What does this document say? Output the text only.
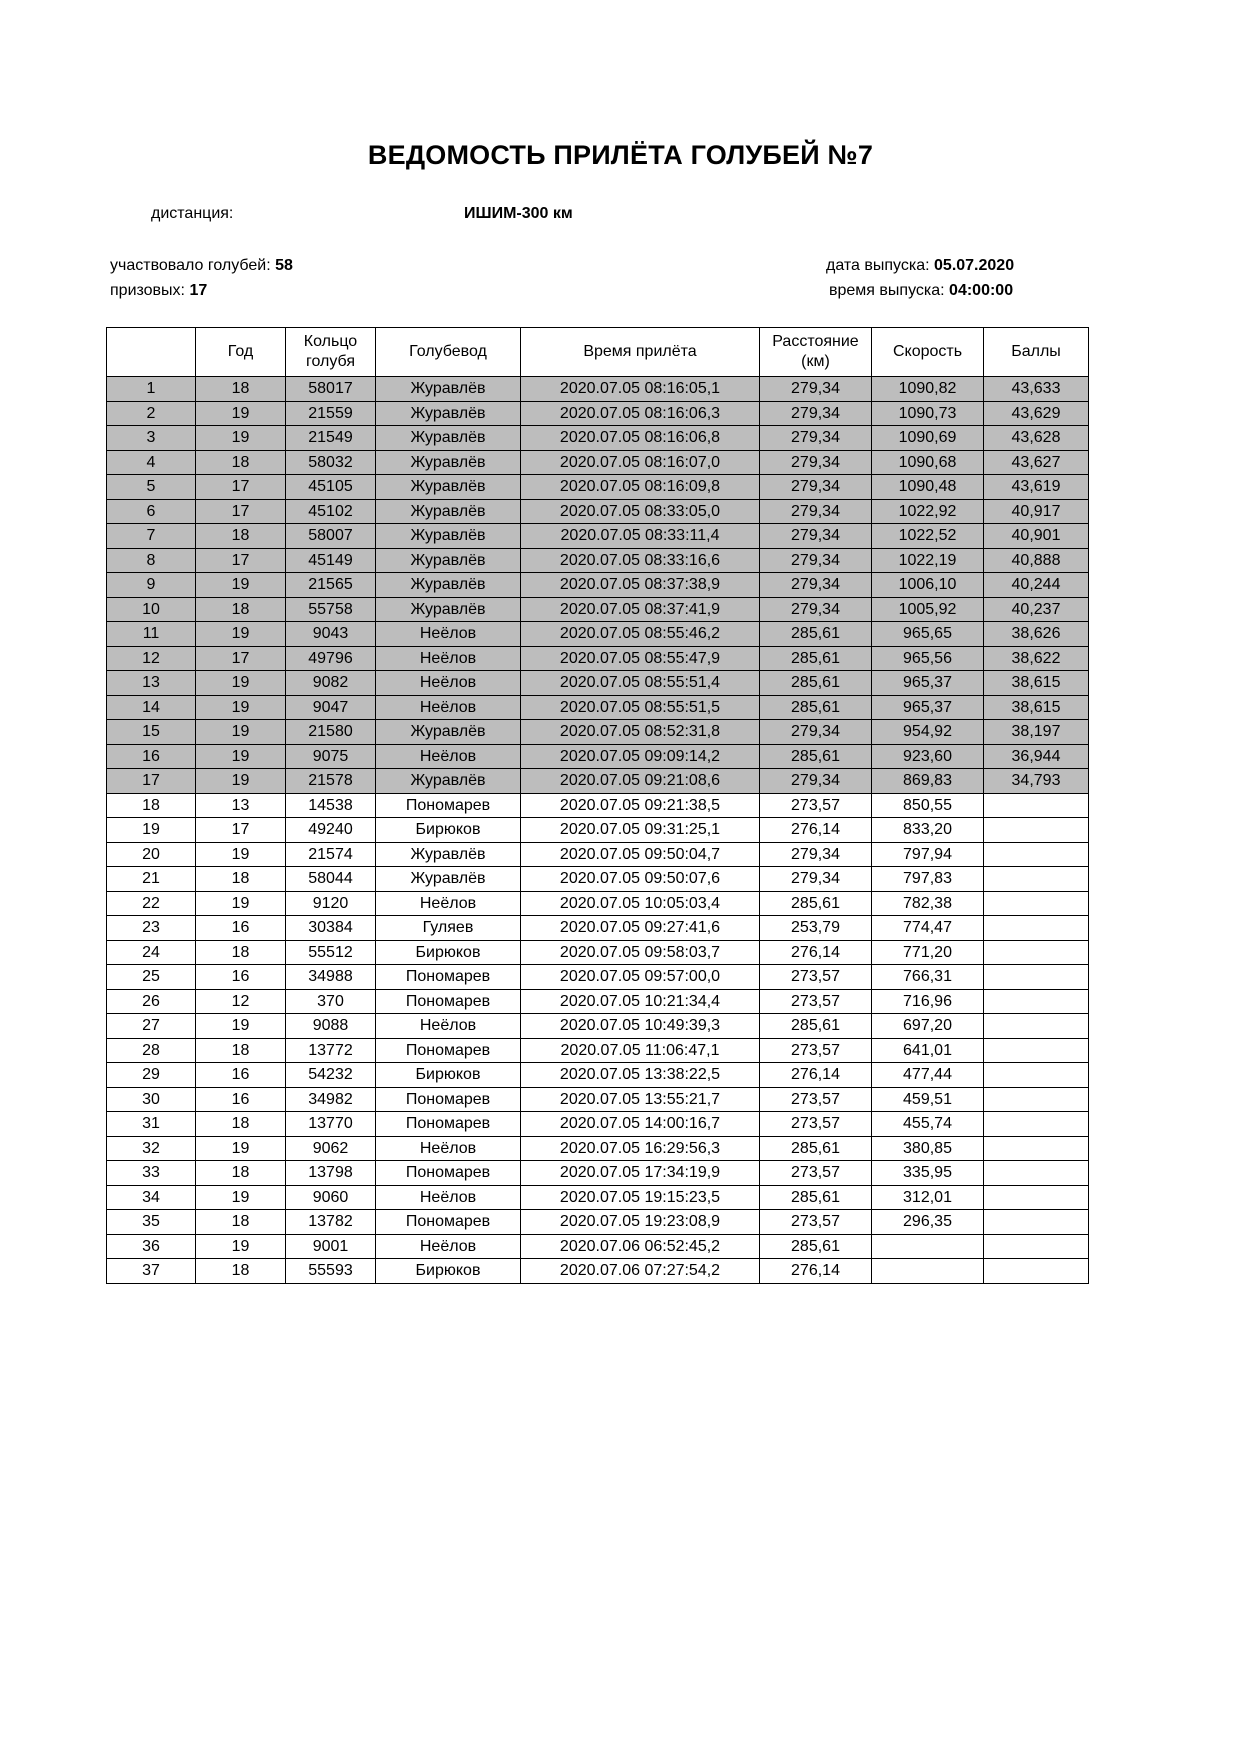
ВЕДОМОСТЬ ПРИЛЁТА ГОЛУБЕЙ №7
дистанция:	ИШИМ-300 км
участвовало голубей: 58
призовых: 17
дата выпуска: 05.07.2020
время выпуска: 04:00:00
	Год	Кольцо голубя	Голубевод	Время прилёта	Расстояние (км)	Скорость	Баллы
1	18	58017	Журавлёв	2020.07.05 08:16:05,1	279,34	1090,82	43,633
2	19	21559	Журавлёв	2020.07.05 08:16:06,3	279,34	1090,73	43,629
3	19	21549	Журавлёв	2020.07.05 08:16:06,8	279,34	1090,69	43,628
4	18	58032	Журавлёв	2020.07.05 08:16:07,0	279,34	1090,68	43,627
5	17	45105	Журавлёв	2020.07.05 08:16:09,8	279,34	1090,48	43,619
6	17	45102	Журавлёв	2020.07.05 08:33:05,0	279,34	1022,92	40,917
7	18	58007	Журавлёв	2020.07.05 08:33:11,4	279,34	1022,52	40,901
8	17	45149	Журавлёв	2020.07.05 08:33:16,6	279,34	1022,19	40,888
9	19	21565	Журавлёв	2020.07.05 08:37:38,9	279,34	1006,10	40,244
10	18	55758	Журавлёв	2020.07.05 08:37:41,9	279,34	1005,92	40,237
11	19	9043	Неёлов	2020.07.05 08:55:46,2	285,61	965,65	38,626
12	17	49796	Неёлов	2020.07.05 08:55:47,9	285,61	965,56	38,622
13	19	9082	Неёлов	2020.07.05 08:55:51,4	285,61	965,37	38,615
14	19	9047	Неёлов	2020.07.05 08:55:51,5	285,61	965,37	38,615
15	19	21580	Журавлёв	2020.07.05 08:52:31,8	279,34	954,92	38,197
16	19	9075	Неёлов	2020.07.05 09:09:14,2	285,61	923,60	36,944
17	19	21578	Журавлёв	2020.07.05 09:21:08,6	279,34	869,83	34,793
18	13	14538	Пономарев	2020.07.05 09:21:38,5	273,57	850,55	
19	17	49240	Бирюков	2020.07.05 09:31:25,1	276,14	833,20	
20	19	21574	Журавлёв	2020.07.05 09:50:04,7	279,34	797,94	
21	18	58044	Журавлёв	2020.07.05 09:50:07,6	279,34	797,83	
22	19	9120	Неёлов	2020.07.05 10:05:03,4	285,61	782,38	
23	16	30384	Гуляев	2020.07.05 09:27:41,6	253,79	774,47	
24	18	55512	Бирюков	2020.07.05 09:58:03,7	276,14	771,20	
25	16	34988	Пономарев	2020.07.05 09:57:00,0	273,57	766,31	
26	12	370	Пономарев	2020.07.05 10:21:34,4	273,57	716,96	
27	19	9088	Неёлов	2020.07.05 10:49:39,3	285,61	697,20	
28	18	13772	Пономарев	2020.07.05 11:06:47,1	273,57	641,01	
29	16	54232	Бирюков	2020.07.05 13:38:22,5	276,14	477,44	
30	16	34982	Пономарев	2020.07.05 13:55:21,7	273,57	459,51	
31	18	13770	Пономарев	2020.07.05 14:00:16,7	273,57	455,74	
32	19	9062	Неёлов	2020.07.05 16:29:56,3	285,61	380,85	
33	18	13798	Пономарев	2020.07.05 17:34:19,9	273,57	335,95	
34	19	9060	Неёлов	2020.07.05 19:15:23,5	285,61	312,01	
35	18	13782	Пономарев	2020.07.05 19:23:08,9	273,57	296,35	
36	19	9001	Неёлов	2020.07.06 06:52:45,2	285,61		
37	18	55593	Бирюков	2020.07.06 07:27:54,2	276,14		
